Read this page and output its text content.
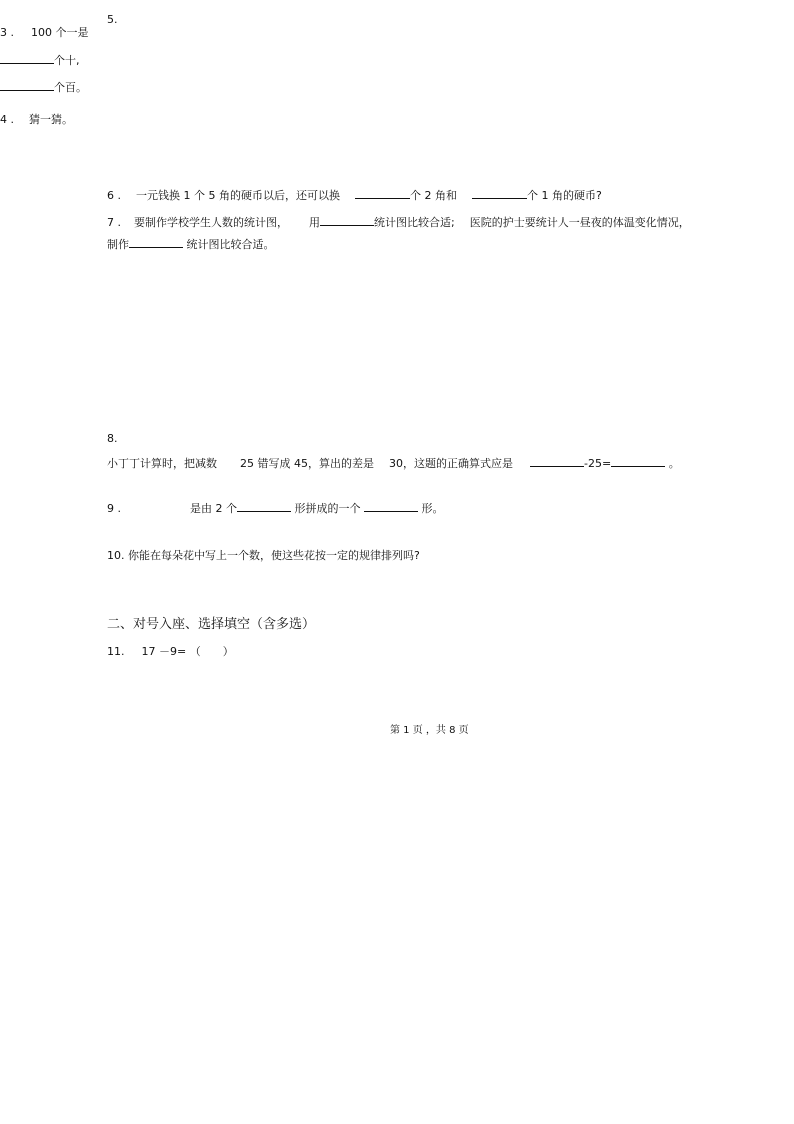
5.
3 . 100 个一是
个十,
个百。
4 . 猜一猜。
6 . 一元钱换 1 个 5 角的硬币以后，还可以换	个 2 角和	个 1 角的硬币?
7 . 要制作学校学生人数的统计图， 用	统计图比较合适; 医院的护士要统计人一昼夜的体温变化情况，
制作	统计图比较合适。
8.
小丁丁计算时，把减数 25 错写成 45，算出的差是 30，这题的正确算式应是	-25=	。
9 .	是由 2 个	形拼成的一个	形。
10. 你能在每朵花中写上一个数，使这些花按一定的规律排列吗?
二、对号入座、选择填空（含多选）
11. 17 －9= （　　）
第 1 页 ，共 8 页
